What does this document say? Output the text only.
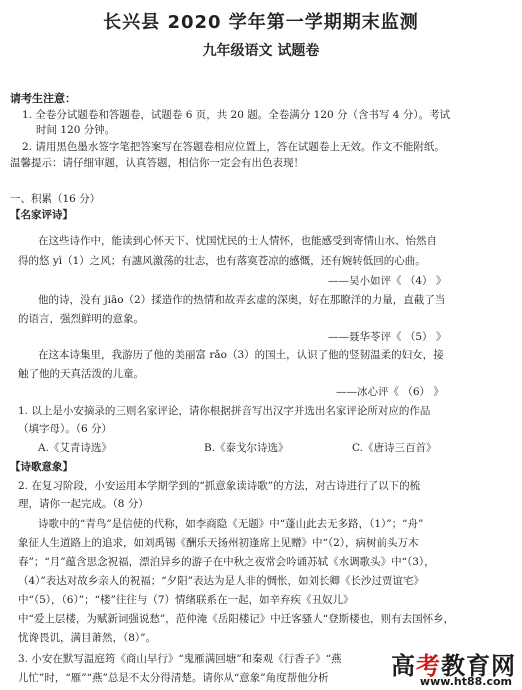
长兴县 2020 学年第一学期期末监测
九年级语文 试题卷
请考生注意：
1. 全卷分试题卷和答题卷，试题卷 6 页，共 20 题。全卷满分 120 分（含书写 4 分）。考试
时间 120 分钟。
2. 请用黑色墨水签字笔把答案写在答题卷相应位置上，答在试题卷上无效。作文不能附纸。
温馨提示：请仔细审题，认真答题，相信你一定会有出色表现！
一、积累（16 分）
【名家评诗】
在这些诗作中，能读到心怀天下、忧国忧民的士人情怀，也能感受到寄情山水、怡然自
得的悠 yì（1）之风；有譓风激荡的壮志，也有落寞苍凉的感慨，还有婉转低回的心曲。
——吴小如评《 （4） 》
他的诗，没有 jiāo（2）揉造作的热情和故弄玄虚的深奥，好在那瞭洋的力量，直截了当
的语言，强烈鲜明的意象。
——聂华苓评《 （5） 》
在这本诗集里，我游历了他的美丽富 rǎo（3）的国土，认识了他的竖韧温柔的妇女，接
触了他的天真活泼的儿童。
——冰心评《 （6） 》
1. 以上是小安摘录的三则名家评论，请你根据拼音写出汉字并选出名家评论所对应的作品
（填字母）。（6 分）
A.《艾青诗选》	B.《泰戈尔诗选》	C.《唐诗三百首》
【诗歌意象】
2. 在复习阶段，小安运用本学期学到的“抓意象读诗歌”的方法，对古诗进行了以下的梳
理，请你一起完成。（8 分）
诗歌中的“青鸟”是信使的代称，如李商隐《无题》中“蓬山此去无多路，（1）”；“舟”
象征人生道路上的追求，如刘禹锡《酬乐天扬州初逢席上见赠》中“（2），病树前头万木
春”；“月”蕴含思念祝福，漂泊异乡的游子在中秋之夜常会吟诵苏轼《水调歌头》中“（3），
（4）”表达对故乡亲人的祝福；“夕阳”表达为是人非的惆怅，如刘长卿《长沙过贾谊宅》
中“（5），（6）”；“楼”往往与（7）情绪联系在一起，如辛弃疾《丑奴儿》
中“爱上层楼，为赋新词强说愁”，范仲淹《岳阳楼记》中迁客骚人“登斯楼也，则有去国怀乡，
忧谗畏讥，满目萧然，（8）”。
3. 小安在默写温庭筠《商山早行》“鬼雁满回塘”和秦观《行香子》“燕
儿忙”时，“雁”“燕”总是不太分得清楚。请你从“意象”角度帮他分析	高考教育网
www.ht88.com
